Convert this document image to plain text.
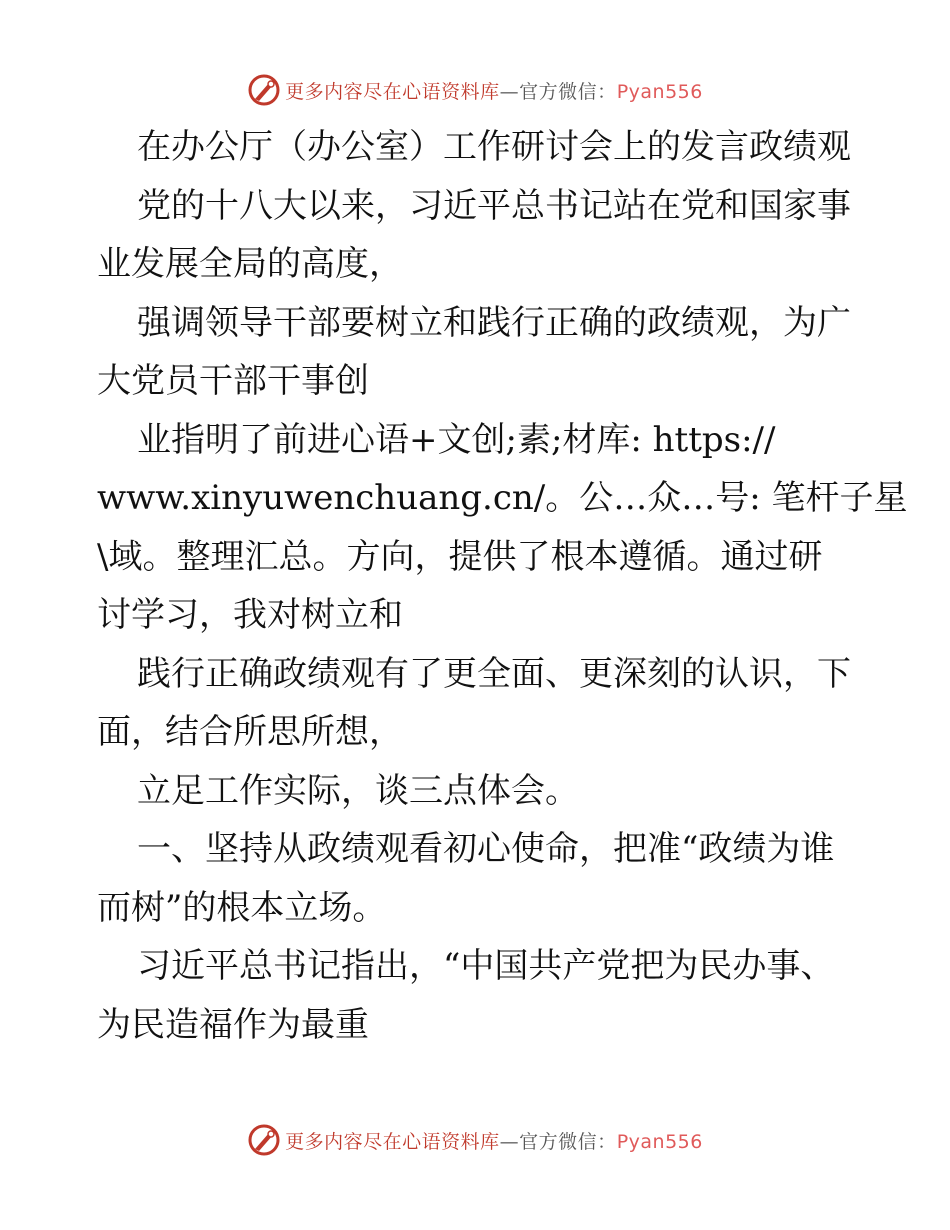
更多内容尽在心语资料库—官方微信：Pyan556
在办公厅（办公室）工作研讨会上的发言政绩观
党的十八大以来，习近平总书记站在党和国家事
业发展全局的高度，
强调领导干部要树立和践行正确的政绩观，为广
大党员干部干事创
业指明了前进心语+文创;素;材库: https://
www.xinyuwenchuang.cn/。公…众…号: 笔杆子星
\域。整理汇总。方向，提供了根本遵循。通过研
讨学习，我对树立和
践行正确政绩观有了更全面、更深刻的认识，下
面，结合所思所想，
立足工作实际，谈三点体会。
一、坚持从政绩观看初心使命，把准“政绩为谁
而树”的根本立场。
习近平总书记指出，“中国共产党把为民办事、
为民造福作为最重
更多内容尽在心语资料库—官方微信：Pyan556
